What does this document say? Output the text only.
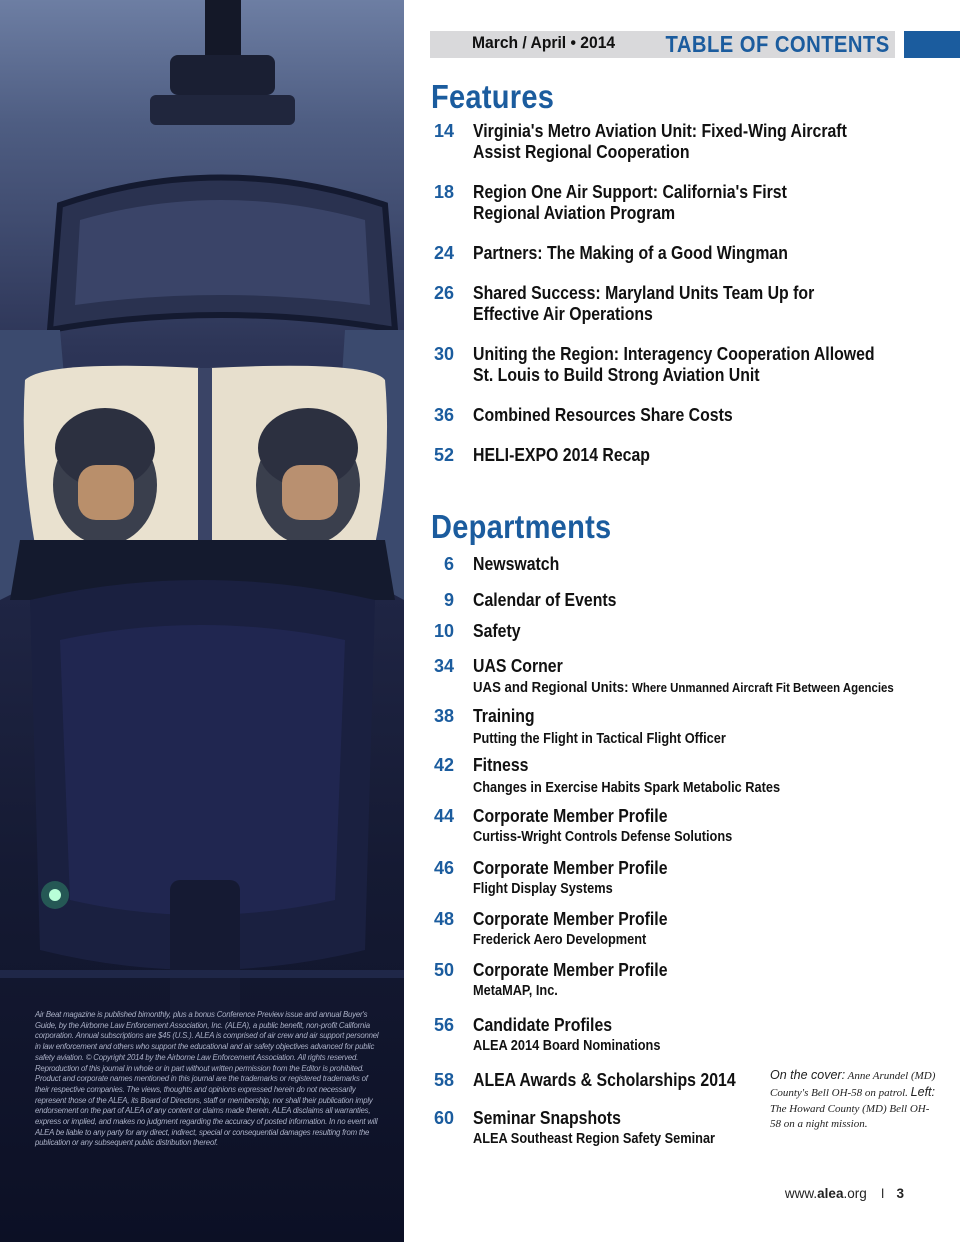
Air Beat magazine is published bimonthly, plus a bonus Conference Preview issue and annual Buyer's Guide, by the Airborne Law Enforcement Association, Inc. (ALEA), a public benefit, non-profit California corporation. Annual subscriptions are $45 (U.S.). ALEA is comprised of air crew and air support personnel in law enforcement and others who support the educational and air safety objectives advanced for public safety aviation. © Copyright 2014 by the Airborne Law Enforcement Association. All rights reserved. Reproduction of this journal in whole or in part without written permission from the Editor is prohibited. Product and corporate names mentioned in this journal are the trademarks or registered trademarks of their respective companies. The views, thoughts and opinions expressed herein do not necessarily represent those of the ALEA, its Board of Directors, staff or membership, nor shall their publication imply endorsement on the part of ALEA of any content or claims made therein. ALEA disclaims all warranties, express or implied, and makes no judgment regarding the accuracy of posted information. In no event will ALEA be liable to any party for any direct, indirect, special or consequential damages resulting from the publication or any subsequent public distribution thereof.
March / April • 2014 TABLE OF CONTENTS
Features
14 Virginia's Metro Aviation Unit: Fixed-Wing Aircraft
Assist Regional Cooperation
18 Region One Air Support: California's First
Regional Aviation Program
24 Partners: The Making of a Good Wingman
26 Shared Success: Maryland Units Team Up for
Effective Air Operations
30 Uniting the Region: Interagency Cooperation Allowed
St. Louis to Build Strong Aviation Unit
36 Combined Resources Share Costs
52 HELI-EXPO 2014 Recap
Departments
6 Newswatch
9 Calendar of Events
10 Safety
34 UAS Corner
UAS and Regional Units: Where Unmanned Aircraft Fit Between Agencies
38 Training
Putting the Flight in Tactical Flight Officer
42 Fitness
Changes in Exercise Habits Spark Metabolic Rates
44 Corporate Member Profile
Curtiss-Wright Controls Defense Solutions
46 Corporate Member Profile
Flight Display Systems
48 Corporate Member Profile
Frederick Aero Development
50 Corporate Member Profile
MetaMAP, Inc.
56 Candidate Profiles
ALEA 2014 Board Nominations
58 ALEA Awards & Scholarships 2014
60 Seminar Snapshots
ALEA Southeast Region Safety Seminar
On the cover: Anne Arundel (MD) County's Bell OH-58 on patrol. Left: The Howard County (MD) Bell OH-58 on a night mission.
www.alea.org I 3
